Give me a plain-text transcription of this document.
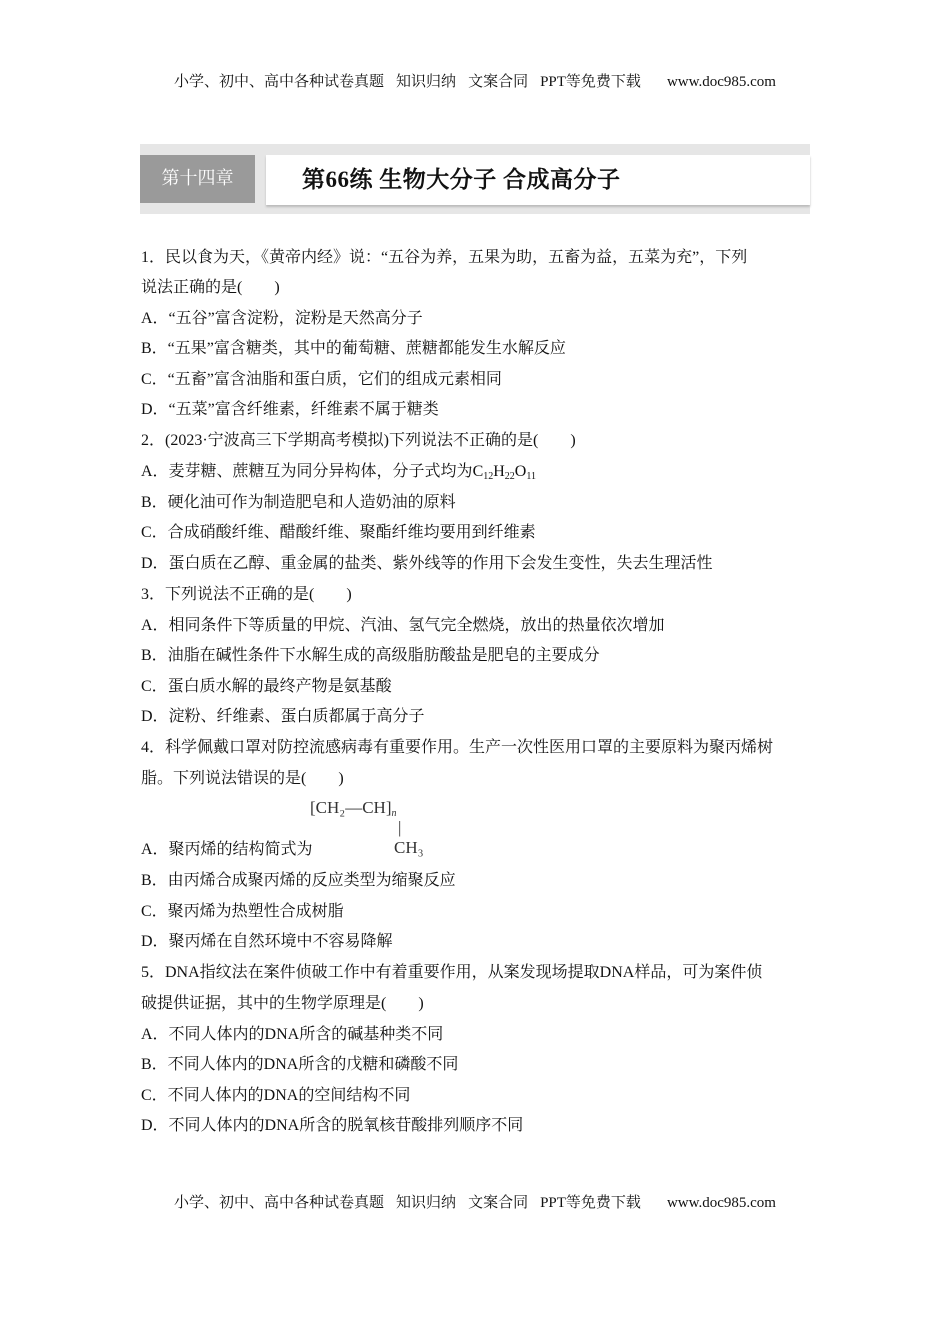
小学、初中、高中各种试卷真题 知识归纳 文案合同 PPT等免费下载 www.doc985.com
第十四章	第66练 生物大分子 合成高分子
1．民以食为天，《黄帝内经》说：“五谷为养，五果为助，五畜为益，五菜为充”，下列
说法正确的是(　　)
A．“五谷”富含淀粉，淀粉是天然高分子
B．“五果”富含糖类，其中的葡萄糖、蔗糖都能发生水解反应
C．“五畜”富含油脂和蛋白质，它们的组成元素相同
D．“五菜”富含纤维素，纤维素不属于糖类
2．(2023·宁波高三下学期高考模拟)下列说法不正确的是(　　)
A．麦芽糖、蔗糖互为同分异构体，分子式均为$C_{12}H_{22}O_{11}$
B．硬化油可作为制造肥皂和人造奶油的原料
C．合成硝酸纤维、醋酸纤维、聚酯纤维均要用到纤维素
D．蛋白质在乙醇、重金属的盐类、紫外线等的作用下会发生变性，失去生理活性
3．下列说法不正确的是(　　)
A．相同条件下等质量的甲烷、汽油、氢气完全燃烧，放出的热量依次增加
B．油脂在碱性条件下水解生成的高级脂肪酸盐是肥皂的主要成分
C．蛋白质水解的最终产物是氨基酸
D．淀粉、纤维素、蛋白质都属于高分子
4．科学佩戴口罩对防控流感病毒有重要作用。生产一次性医用口罩的主要原料为聚丙烯树
脂。下列说法错误的是(　　)
A．聚丙烯的结构简式为
B．由丙烯合成聚丙烯的反应类型为缩聚反应
C．聚丙烯为热塑性合成树脂
D．聚丙烯在自然环境中不容易降解
5．DNA指纹法在案件侦破工作中有着重要作用，从案发现场提取DNA样品，可为案件侦
破提供证据，其中的生物学原理是(　　)
A．不同人体内的DNA所含的碱基种类不同
B．不同人体内的DNA所含的戊糖和磷酸不同
C．不同人体内的DNA的空间结构不同
D．不同人体内的DNA所含的脱氧核苷酸排列顺序不同
$[CH_2—CH]_n$
|
CH₃
小学、初中、高中各种试卷真题 知识归纳 文案合同 PPT等免费下载 www.doc985.com
